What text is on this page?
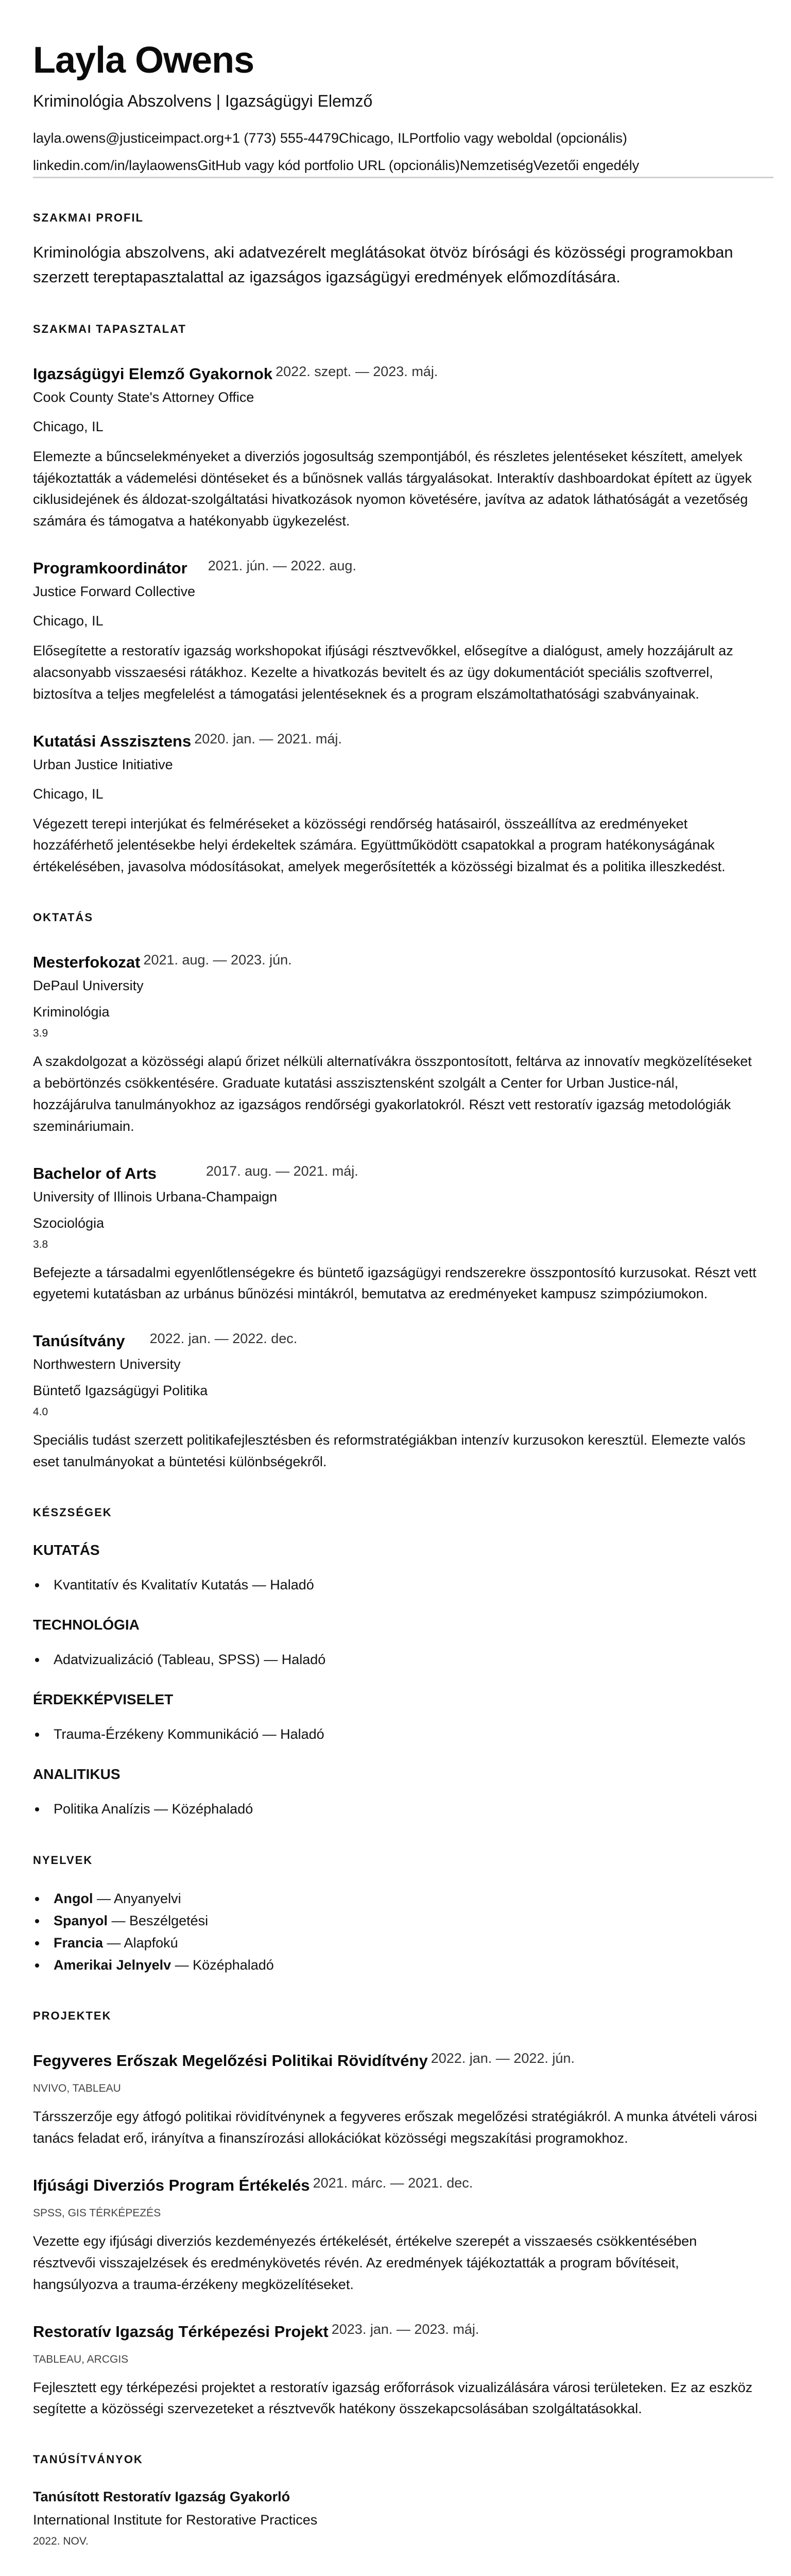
Layla Owens
Kriminológia Abszolvens | Igazságügyi Elemző
layla.owens@justiceimpact.org+1 (773) 555-4479Chicago, ILPortfolio vagy weboldal (opcionális)
linkedin.com/in/laylaowensGitHub vagy kód portfolio URL (opcionális)NemzetiségVezetői engedély
SZAKMAI PROFIL

Kriminológia abszolvens, aki adatvezérelt meglátásokat ötvöz bírósági és közösségi programokban szerzett tereptapasztalattal az igazságos igazságügyi eredmények előmozdítására.

SZAKMAI TAPASZTALAT
Igazságügyi Elemző Gyakornok 2022. szept. — 2023. máj.
Cook County State's Attorney Office
Chicago, IL

Elemezte a bűncselekményeket a diverziós jogosultság szempontjából, és részletes jelentéseket készített, amelyek tájékoztatták a vádemelési döntéseket és a bűnösnek vallás tárgyalásokat. Interaktív dashboardokat épített az ügyek ciklusidejének és áldozat-szolgáltatási hivatkozások nyomon követésére, javítva az adatok láthatóságát a vezetőség számára és támogatva a hatékonyabb ügykezelést.

Programkoordinátor 2021. jún. — 2022. aug.
Justice Forward Collective
Chicago, IL

Elősegítette a restoratív igazság workshopokat ifjúsági résztvevőkkel, elősegítve a dialógust, amely hozzájárult az alacsonyabb visszaesési rátákhoz. Kezelte a hivatkozás bevitelt és az ügy dokumentációt speciális szoftverrel, biztosítva a teljes megfelelést a támogatási jelentéseknek és a program elszámoltathatósági szabványainak.

Kutatási Asszisztens 2020. jan. — 2021. máj.
Urban Justice Initiative
Chicago, IL

Végezett terepi interjúkat és felméréseket a közösségi rendőrség hatásairól, összeállítva az eredményeket hozzáférhető jelentésekbe helyi érdekeltek számára. Együttműködött csapatokkal a program hatékonyságának értékelésében, javasolva módosításokat, amelyek megerősítették a közösségi bizalmat és a politika illeszkedést.

OKTATÁS
Mesterfokozat 2021. aug. — 2023. jún.
DePaul University
Kriminológia
3.9

A szakdolgozat a közösségi alapú őrizet nélküli alternatívákra összpontosított, feltárva az innovatív megközelítéseket a bebörtönzés csökkentésére. Graduate kutatási asszisztensként szolgált a Center for Urban Justice-nál, hozzájárulva tanulmányokhoz az igazságos rendőrségi gyakorlatokról. Részt vett restoratív igazság metodológiák szemináriumain.

Bachelor of Arts	2017. aug. — 2021. máj.
University of Illinois Urbana-Champaign
Szociológia
3.8

Befejezte a társadalmi egyenlőtlenségekre és büntető igazságügyi rendszerekre összpontosító kurzusokat. Részt vett egyetemi kutatásban az urbánus bűnözési mintákról, bemutatva az eredményeket kampusz szimpóziumokon.

Tanúsítvány 2022. jan. — 2022. dec.
Northwestern University
Büntető Igazságügyi Politika
4.0

Speciális tudást szerzett politikafejlesztésben és reformstratégiákban intenzív kurzusokon keresztül. Elemezte valós eset tanulmányokat a büntetési különbségekről.

KÉSZSÉGEK
KUTATÁS
Kvantitatív és Kvalitatív Kutatás — Haladó
TECHNOLÓGIA
Adatvizualizáció (Tableau, SPSS) — Haladó
ÉRDEKKÉPVISELET
Trauma-Érzékeny Kommunikáció — Haladó
ANALITIKUS
Politika Analízis — Középhaladó
NYELVEK
Angol — Anyanyelvi
Spanyol — Beszélgetési
Francia — Alapfokú
Amerikai Jelnyelv — Középhaladó
PROJEKTEK
Fegyveres Erőszak Megelőzési Politikai Rövidítvény 2022. jan. — 2022. jún.
NVIVO, TABLEAU

Társszerzője egy átfogó politikai rövidítvénynek a fegyveres erőszak megelőzési stratégiákról. A munka átvételi városi tanács feladat erő, irányítva a finanszírozási allokációkat közösségi megszakítási programokhoz.

Ifjúsági Diverziós Program Értékelés 2021. márc. — 2021. dec.
SPSS, GIS TÉRKÉPEZÉS

Vezette egy ifjúsági diverziós kezdeményezés értékelését, értékelve szerepét a visszaesés csökkentésében résztvevői visszajelzések és eredménykövetés révén. Az eredmények tájékoztatták a program bővítéseit, hangsúlyozva a trauma-érzékeny megközelítéseket.

Restoratív Igazság Térképezési Projekt 2023. jan. — 2023. máj.
TABLEAU, ARCGIS

Fejlesztett egy térképezési projektet a restoratív igazság erőforrások vizualizálására városi területeken. Ez az eszköz segítette a közösségi szervezeteket a résztvevők hatékony összekapcsolásában szolgáltatásokkal.

TANÚSÍTVÁNYOK
Tanúsított Restoratív Igazság Gyakorló
International Institute for Restorative Practices
2022. NOV.
